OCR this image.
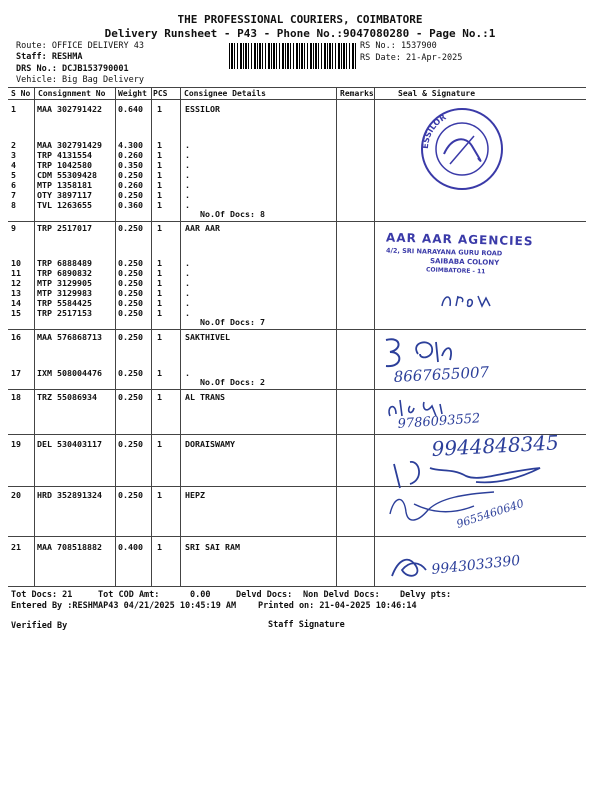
THE PROFESSIONAL COURIERS, COIMBATORE
Delivery Runsheet - P43 - Phone No.:9047080280 - Page No.:1
Route: OFFICE DELIVERY 43
Staff: RESHMA
DRS No.: DCJB153790001
Vehicle: Big Bag Delivery
RS No.: 1537900
RS Date: 21-Apr-2025
S No Consignment No Weight PCS Consignee Details	Remarks	Seal & Signature
1	MAA 302791422 0.640 1	ESSILOR
2	MAA 302791429 4.300 1	.
3	TRP 4131554	0.260 1	.
4	TRP 1042580	0.350 1	.
5	CDM 55309428	0.250 1	.
6	MTP 1358181	0.260 1	.
7	OTY 3897117	0.250 1	.
8	TVL 1263655	0.360 1	.
No.Of Docs: 8
9	TRP 2517017	0.250 1	AAR AAR
10 TRP 6888489	0.250 1	.
11 TRP 6890832	0.250 1	.
12 MTP 3129905	0.250 1	.
13 MTP 3129983	0.250 1	.
14 TRP 5584425	0.250 1	.
15 TRP 2517153	0.250 1	.
No.Of Docs: 7
16 MAA 576868713 0.250 1	SAKTHIVEL
17 IXM 508004476 0.250 1	.
No.Of Docs: 2
18 TRZ 55086934	0.250 1	AL TRANS
19 DEL 530403117 0.250 1	DORAISWAMY
20 HRD 352891324 0.250 1	HEPZ
21 MAA 708518882 0.400 1	SRI SAI RAM
ESSILOR
AAR AAR AGENCIES
4/2, SRI NARAYANA GURU ROAD
SAIBABA COLONY
COIMBATORE - 11
8667655007
9786093552
9944848345
9655460640
9943033390
Tot Docs: 21	Tot COD Amt:	0.00	Delvd Docs: Non Delvd Docs: Delvy pts:
Entered By :RESHMAP43 04/21/2025 10:45:19 AM	Printed on: 21-04-2025 10:46:14
Verified By	Staff Signature
